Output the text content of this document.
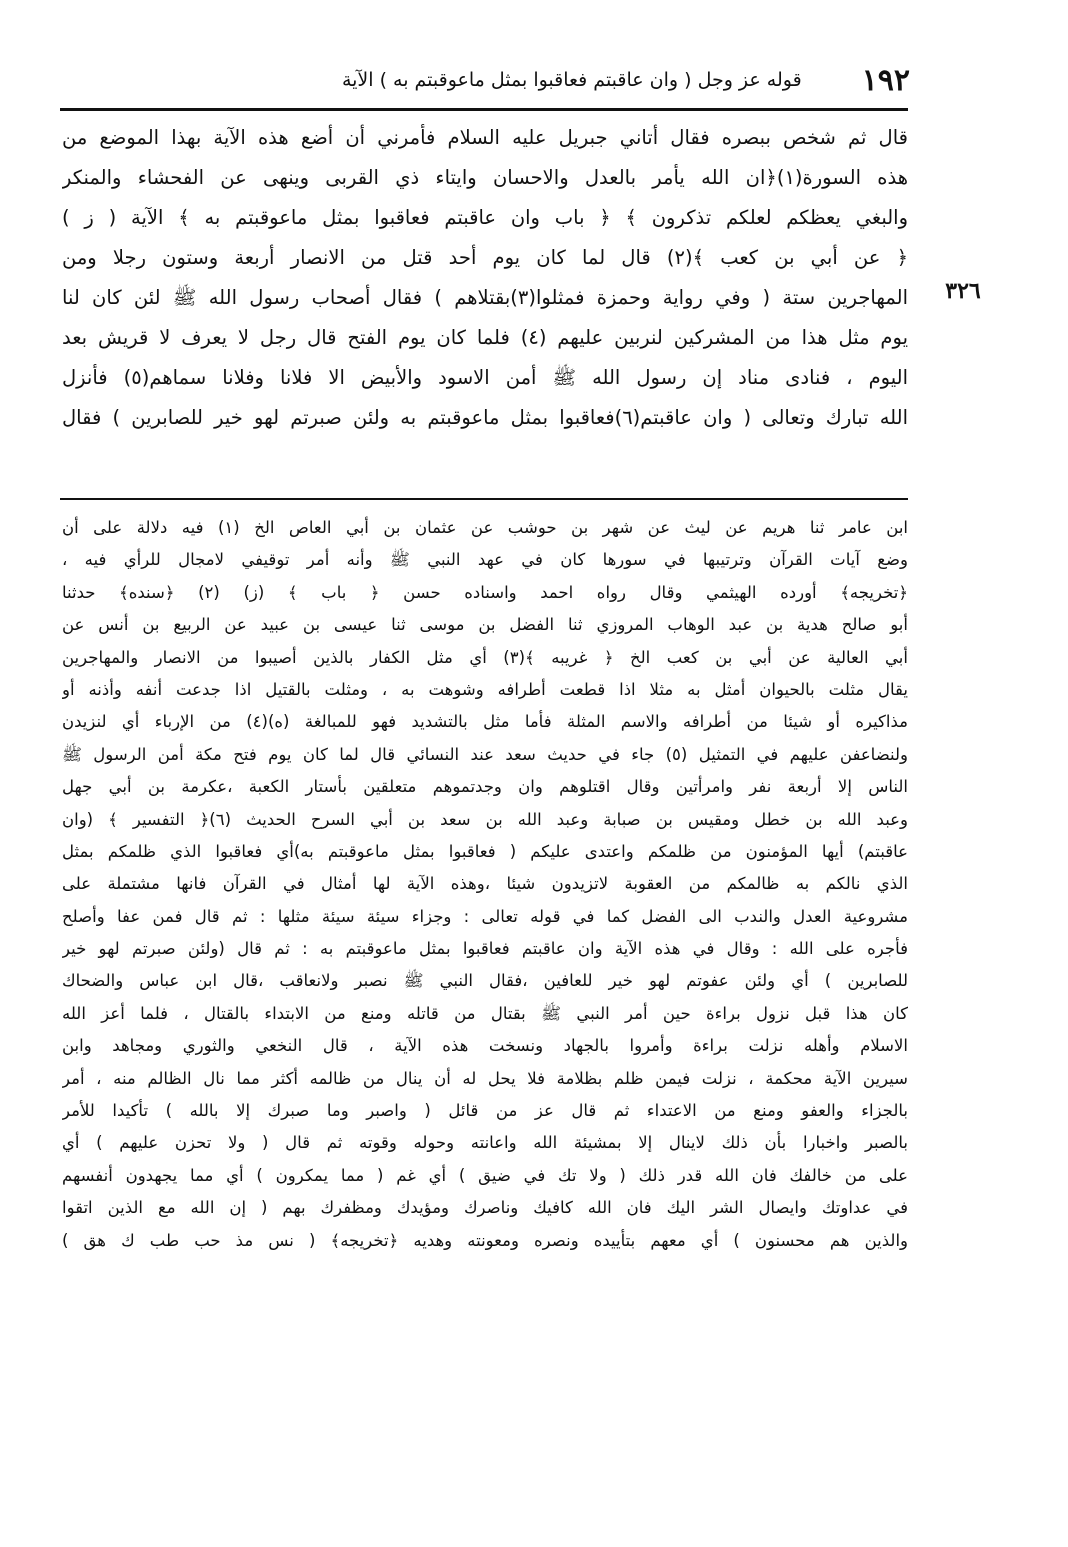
١٩٢
قوله عز وجل ( وان عاقبتم فعاقبوا بمثل ماعوقبتم به ) الآية
٣٢٦
قال ثم شخص ببصره فقال أتاني جبريل عليه السلام فأمرني أن أضع هذه الآية بهذا الموضع من
هذه السورة(١)﴿ان الله يأمر بالعدل والاحسان وايتاء ذي القربى وينهى عن الفحشاء والمنكر
والبغي يعظكم لعلكم تذكرون ﴾ ﴿ باب وان عاقبتم فعاقبوا بمثل ماعوقبتم به ﴾ الآية ( ز )
﴿ عن أبي بن كعب ﴾(٢) قال لما كان يوم أحد قتل من الانصار أربعة وستون رجلا ومن
المهاجرين ستة ( وفي رواية وحمزة فمثلوا(٣)بقتلاهم ) فقال أصحاب رسول الله ﷺ لئن كان لنا
يوم مثل هذا من المشركين لنربين عليهم (٤) فلما كان يوم الفتح قال رجل لا يعرف لا قريش بعد
اليوم ، فنادى مناد إن رسول الله ﷺ أمن الاسود والأبيض الا فلانا وفلانا سماهم(٥) فأنزل
الله تبارك وتعالى ( وان عاقبتم(٦)فعاقبوا بمثل ماعوقبتم به ولئن صبرتم لهو خير للصابرين ) فقال
ابن عامر ثنا هريم عن ليث عن شهر بن حوشب عن عثمان بن أبي العاص الخ (١) فيه دلالة على أن
وضع آيات القرآن وترتيبها في سورها كان في عهد النبي ﷺ وأنه أمر توقيفي لامجال للرأي فيه ،
﴿تخريجه﴾ أورده الهيثمي وقال رواه احمد واسناده حسن ﴿ باب ﴾ (ز) (٢) ﴿سنده﴾ حدثنا
أبو صالح هدية بن عبد الوهاب المروزي ثنا الفضل بن موسى ثنا عيسى بن عبيد عن الربيع بن أنس عن
أبي العالية عن أبي بن كعب الخ ﴿ غريبه ﴾(٣) أي مثل الكفار بالذين أصيبوا من الانصار والمهاجرين
يقال مثلت بالحيوان أمثل به مثلا اذا قطعت أطرافه وشوهت به ، ومثلت بالقتيل اذا جدعت أنفه وأذنه أو
مذاكيره أو شيئا من أطرافه والاسم المثلة فأما مثل بالتشديد فهو للمبالغة (ه)(٤) من الإرباء أي لنزيدن
ولنضاعفن عليهم في التمثيل (٥) جاء في حديث سعد عند النسائي قال لما كان يوم فتح مكة أمن الرسول ﷺ
الناس إلا أربعة نفر وامرأتين وقال اقتلوهم وان وجدتموهم متعلقين بأستار الكعبة ،عكرمة بن أبي جهل
وعبد الله بن خطل ومقيس بن صبابة وعبد الله بن سعد بن أبي السرح الحديث (٦)﴿ التفسير ﴾ (وان
عاقبتم) أيها المؤمنون من ظلمكم واعتدى عليكم ( فعاقبوا بمثل ماعوقبتم به)أي فعاقبوا الذي ظلمكم بمثل
الذي نالكم به ظالمكم من العقوبة لاتزيدون شيئا ،وهذه الآية لها أمثال في القرآن فانها مشتملة على
مشروعية العدل والندب الى الفضل كما في قوله تعالى : وجزاء سيئة سيئة مثلها : ثم قال فمن عفا وأصلح
فأجره على الله : وقال في هذه الآية وان عاقبتم فعاقبوا بمثل ماعوقبتم به : ثم قال (ولئن صبرتم لهو خير
للصابرين ) أي ولئن عفوتم لهو خير للعافين ،فقال النبي ﷺ نصبر ولانعاقب ،قال ابن عباس والضحاك
كان هذا قبل نزول براءة حين أمر النبي ﷺ بقتال من قاتله ومنع من الابتداء بالقتال ، فلما أعز الله
الاسلام وأهله نزلت براءة وأمروا بالجهاد ونسخت هذه الآية ، قال النخعي والثوري ومجاهد وابن
سيرين الآية محكمة ، نزلت فيمن ظلم بظلامة فلا يحل له أن ينال من ظالمه أكثر مما نال الظالم منه ، أمر
بالجزاء والعفو ومنع من الاعتداء ثم قال عز من قائل ( واصبر وما صبرك إلا بالله ) تأكيدا للأمر
بالصبر واخبارا بأن ذلك لاينال إلا بمشيئة الله واعانته وحوله وقوته ثم قال ( ولا تحزن عليهم ) أي
على من خالفك فان الله قدر ذلك ( ولا تك في ضيق ) أي غم ( مما يمكرون ) أي مما يجهدون أنفسهم
في عداوتك وايصال الشر اليك فان الله كافيك وناصرك ومؤيدك ومظفرك بهم ( إن الله مع الذين اتقوا
والذين هم محسنون ) أي معهم بتأييده ونصره ومعونته وهديه ﴿تخريجه﴾ ( نس مذ حب طب ك هق )
